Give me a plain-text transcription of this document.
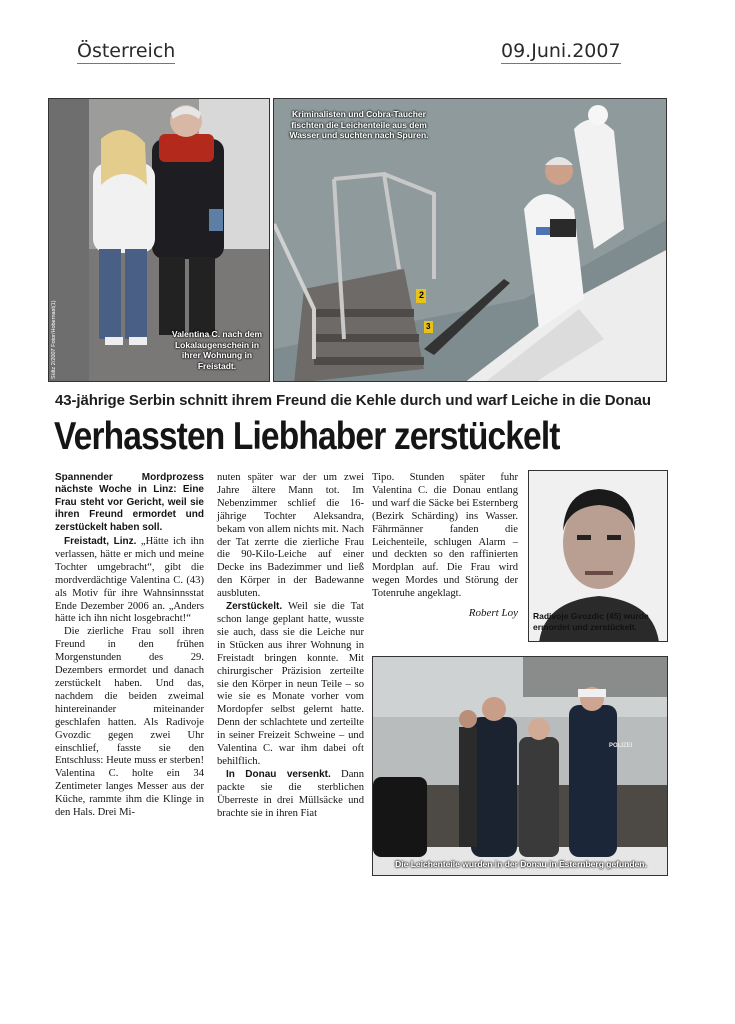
Österreich	09.Juni.2007
Valentina C. nach dem Lokalaugenschein in ihrer Wohnung in Freistadt.
Sültz 2/2007 Fotor/Hobernast(1)
Kriminalisten und Cobra-Taucher fischten die Leichenteile aus dem Wasser und suchten nach Spuren.
2
3
43-jährige Serbin schnitt ihrem Freund die Kehle durch und warf Leiche in die Donau
Verhassten Liebhaber zerstückelt
Spannender Mordprozess nächste Woche in Linz: Eine Frau steht vor Gericht, weil sie ihren Freund ermordet und zerstückelt haben soll.

Freistadt, Linz. „Hätte ich ihn verlassen, hätte er mich und meine Tochter umgebracht“, gibt die mordverdächtige Valentina C. (43) als Motiv für ihre Wahnsinnsstat Ende Dezember 2006 an. „Anders hätte ich ihn nicht losgebracht!“

Die zierliche Frau soll ihren Freund in den frühen Morgenstunden des 29. Dezembers ermordet und danach zerstückelt haben. Und das, nachdem die beiden zweimal hintereinander miteinander geschlafen hatten. Als Radivoje Gvozdic gegen zwei Uhr einschlief, fasste sie den Entschluss: Heute muss er sterben! Valentina C. holte ein 34 Zentimeter langes Messer aus der Küche, rammte ihm die Klinge in den Hals. Drei Mi-

nuten später war der um zwei Jahre ältere Mann tot. Im Nebenzimmer schlief die 16-jährige Tochter Aleksandra, bekam von allem nichts mit. Nach der Tat zerrte die zierliche Frau die 90-Kilo-Leiche auf einer Decke ins Badezimmer und ließ den Körper in der Badewanne ausbluten.

Zerstückelt. Weil sie die Tat schon lange geplant hatte, wusste sie auch, dass sie die Leiche nur in Stücken aus ihrer Wohnung in Freistadt bringen konnte. Mit chirurgischer Präzision zerteilte sie den Körper in neun Teile – so wie sie es Monate vorher vom Mordopfer selbst gelernt hatte. Denn der schlachtete und zerteilte in seiner Freizeit Schweine – und Valentina C. war ihm dabei oft behilflich.

In Donau versenkt. Dann packte sie die sterblichen Überreste in drei Müllsäcke und brachte sie in ihren Fiat

Tipo. Stunden später fuhr Valentina C. die Donau entlang und warf die Säcke bei Esternberg (Bezirk Schärding) ins Wasser. Fährmänner fanden die Leichenteile, schlugen Alarm – und deckten so den raffinierten Mordplan auf. Die Frau wird wegen Mordes und Störung der Totenruhe angeklagt.

Robert Loy Radivoje Gvozdic (45) wurde ermordet und zerstückelt.
POLIZEI
Die Leichenteile wurden in der Donau in Esternberg gefunden.
